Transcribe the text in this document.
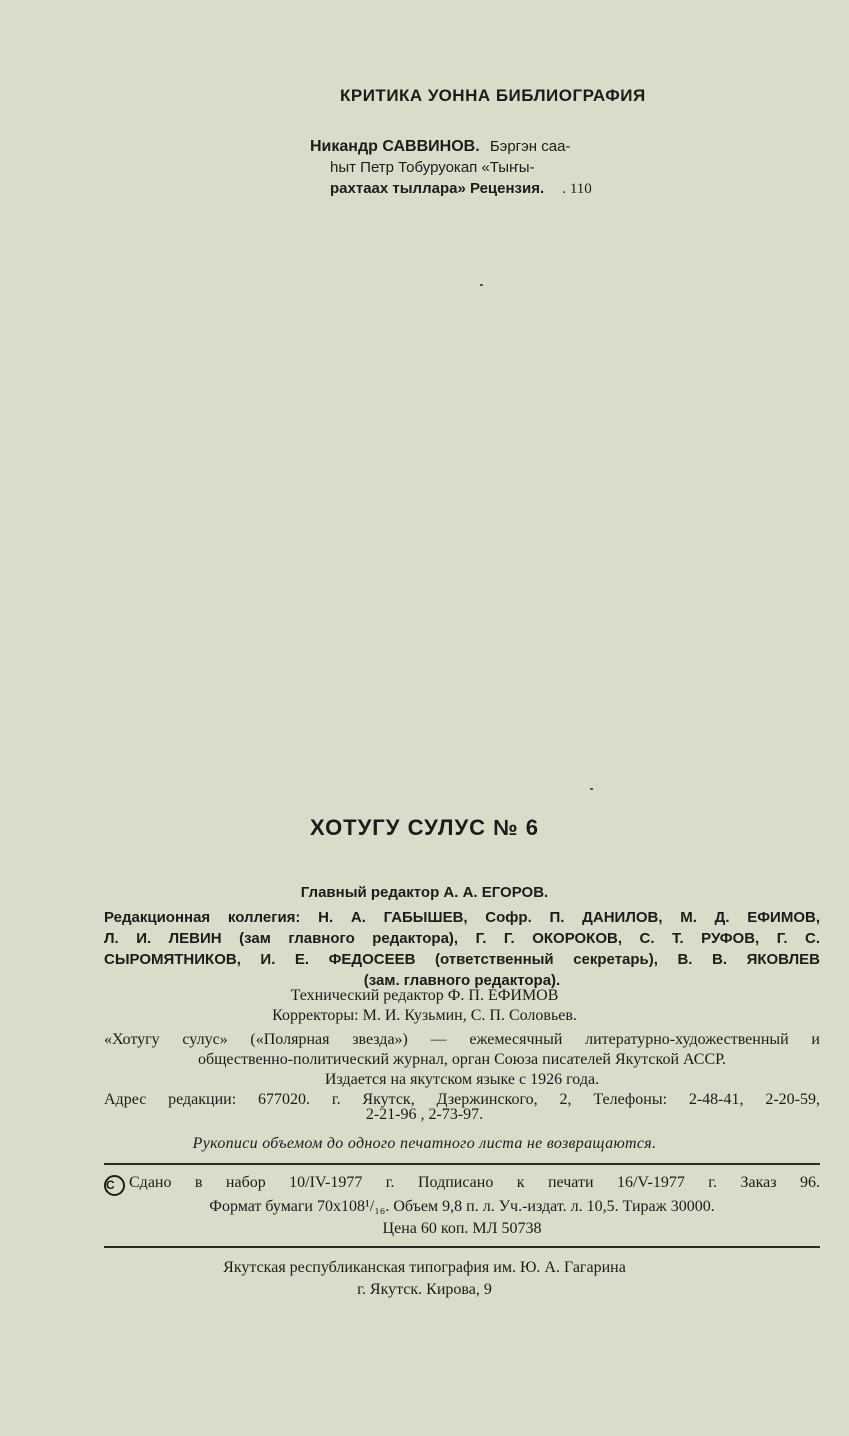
КРИТИКА УОННА БИБЛИОГРАФИЯ
Никандр САВВИНОВ. Бэргэн саа-
һыт Петр Тобуруокап «Тыҥы-
рахтаах тыллара» Рецензия. . 110
ХОТУГУ СУЛУС № 6
Главный редактор А. А. ЕГОРОВ.
Редакционная коллегия: Н. А. ГАБЫШЕВ, Софр. П. ДАНИЛОВ, М. Д. ЕФИМОВ,
Л. И. ЛЕВИН (зам главного редактора), Г. Г. ОКОРОКОВ, С. Т. РУФОВ, Г. С.
СЫРОМЯТНИКОВ, И. Е. ФЕДОСЕЕВ (ответственный секретарь), В. В. ЯКОВЛЕВ
(зам. главного редактора).
Технический редактор Ф. П. ЕФИМОВ
Корректоры: М. И. Кузьмин, С. П. Соловьев.
«Хотугу сулус» («Полярная звезда») — ежемесячный литературно-художественный и
общественно-политический журнал, орган Союза писателей Якутской АССР.
Издается на якутском языке с 1926 года.
Адрес редакции: 677020. г. Якутск, Дзержинского, 2, Телефоны: 2-48-41, 2-20-59,
2-21-96 , 2-73-97.
Рукописи объемом до одного печатного листа не возвращаются.
C Сдано в набор 10/IV-1977 г. Подписано к печати 16/V-1977 г. Заказ 96.
Формат бумаги 70х108¹/₁₆. Объем 9,8 п. л. Уч.-издат. л. 10,5. Тираж 30000.
Цена 60 коп. МЛ 50738
Якутская республиканская типография им. Ю. А. Гагарина
г. Якутск. Кирова, 9
